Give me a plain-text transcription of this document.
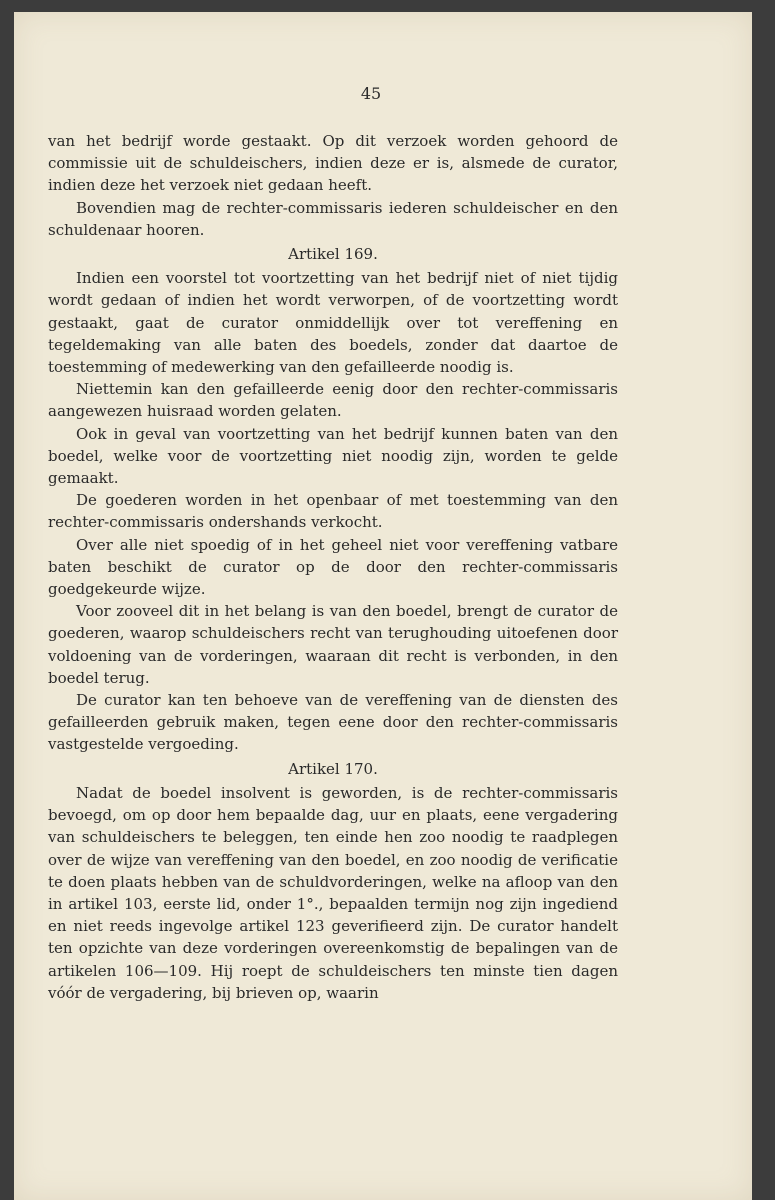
45

van het bedrijf worde gestaakt. Op dit verzoek worden gehoord de commissie uit de schuldeischers, indien deze er is, alsmede de curator, indien deze het verzoek niet gedaan heeft.

Bovendien mag de rechter-commissaris iederen schuldeischer en den schuldenaar hooren.

Artikel 169.

Indien een voorstel tot voortzetting van het bedrijf niet of niet tijdig wordt gedaan of indien het wordt verworpen, of de voortzetting wordt gestaakt, gaat de curator onmiddellijk over tot vereffening en tegeldemaking van alle baten des boedels, zonder dat daartoe de toestemming of medewerking van den gefailleerde noodig is.

Niettemin kan den gefailleerde eenig door den rechter-commissaris aangewezen huisraad worden gelaten.

Ook in geval van voortzetting van het bedrijf kunnen baten van den boedel, welke voor de voortzetting niet noodig zijn, worden te gelde gemaakt.

De goederen worden in het openbaar of met toestemming van den rechter-commissaris ondershands verkocht.

Over alle niet spoedig of in het geheel niet voor vereffening vatbare baten beschikt de curator op de door den rechter-commissaris goedgekeurde wijze.

Voor zooveel dit in het belang is van den boedel, brengt de curator de goederen, waarop schuldeischers recht van terughouding uitoefenen door voldoening van de vorderingen, waaraan dit recht is verbonden, in den boedel terug.

De curator kan ten behoeve van de vereffening van de diensten des gefailleerden gebruik maken, tegen eene door den rechter-commissaris vastgestelde vergoeding.

Artikel 170.

Nadat de boedel insolvent is geworden, is de rechter-commissaris bevoegd, om op door hem bepaalde dag, uur en plaats, eene vergadering van schuldeischers te beleggen, ten einde hen zoo noodig te raadplegen over de wijze van vereffening van den boedel, en zoo noodig de verificatie te doen plaats hebben van de schuldvorderingen, welke na afloop van den in artikel 103, eerste lid, onder 1°., bepaalden termijn nog zijn ingediend en niet reeds ingevolge artikel 123 geverifieerd zijn. De curator handelt ten opzichte van deze vorderingen overeenkomstig de bepalingen van de artikelen 106—109. Hij roept de schuldeischers ten minste tien dagen vóór de vergadering, bij brieven op, waarin
